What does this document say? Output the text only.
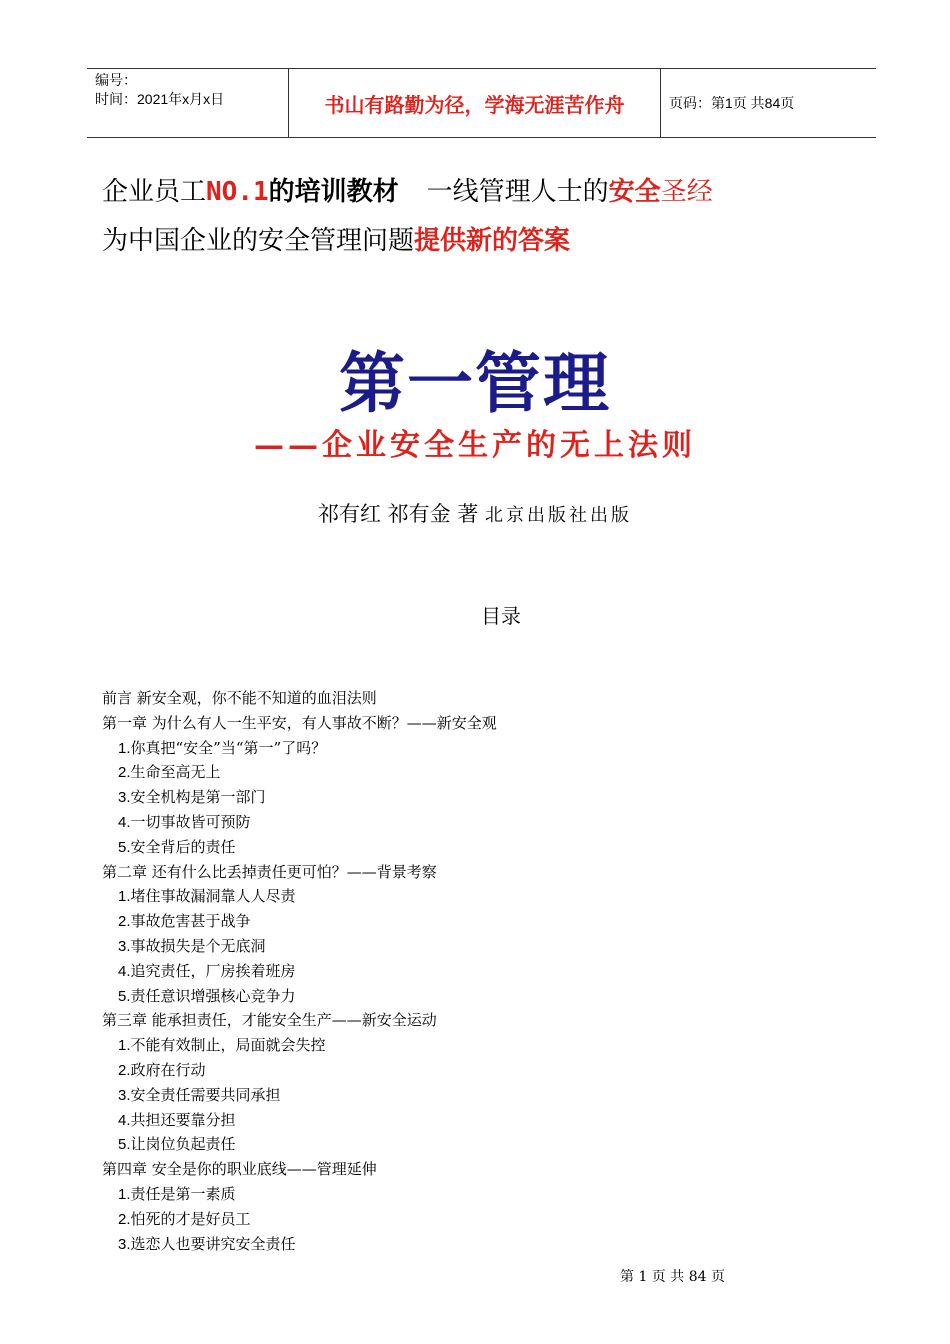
编号：
时间：2021年x月x日	书山有路勤为径，学海无涯苦作舟	页码：第1页 共84页
企业员工NO.1的培训教材 一线管理人士的安全圣经
为中国企业的安全管理问题提供新的答案
第一管理
——企业安全生产的无上法则
祁有红 祁有金 著 北京出版社出版
目录
前言 新安全观，你不能不知道的血泪法则
第一章 为什么有人一生平安，有人事故不断？——新安全观
1.你真把“安全”当“第一”了吗？
2.生命至高无上
3.安全机构是第一部门
4.一切事故皆可预防
5.安全背后的责任
第二章 还有什么比丢掉责任更可怕？——背景考察
1.堵住事故漏洞靠人人尽责
2.事故危害甚于战争
3.事故损失是个无底洞
4.追究责任，厂房挨着班房
5.责任意识增强核心竞争力
第三章 能承担责任，才能安全生产——新安全运动
1.不能有效制止，局面就会失控
2.政府在行动
3.安全责任需要共同承担
4.共担还要靠分担
5.让岗位负起责任
第四章 安全是你的职业底线——管理延伸
1.责任是第一素质
2.怕死的才是好员工
3.选恋人也要讲究安全责任
第 1 页 共 84 页
